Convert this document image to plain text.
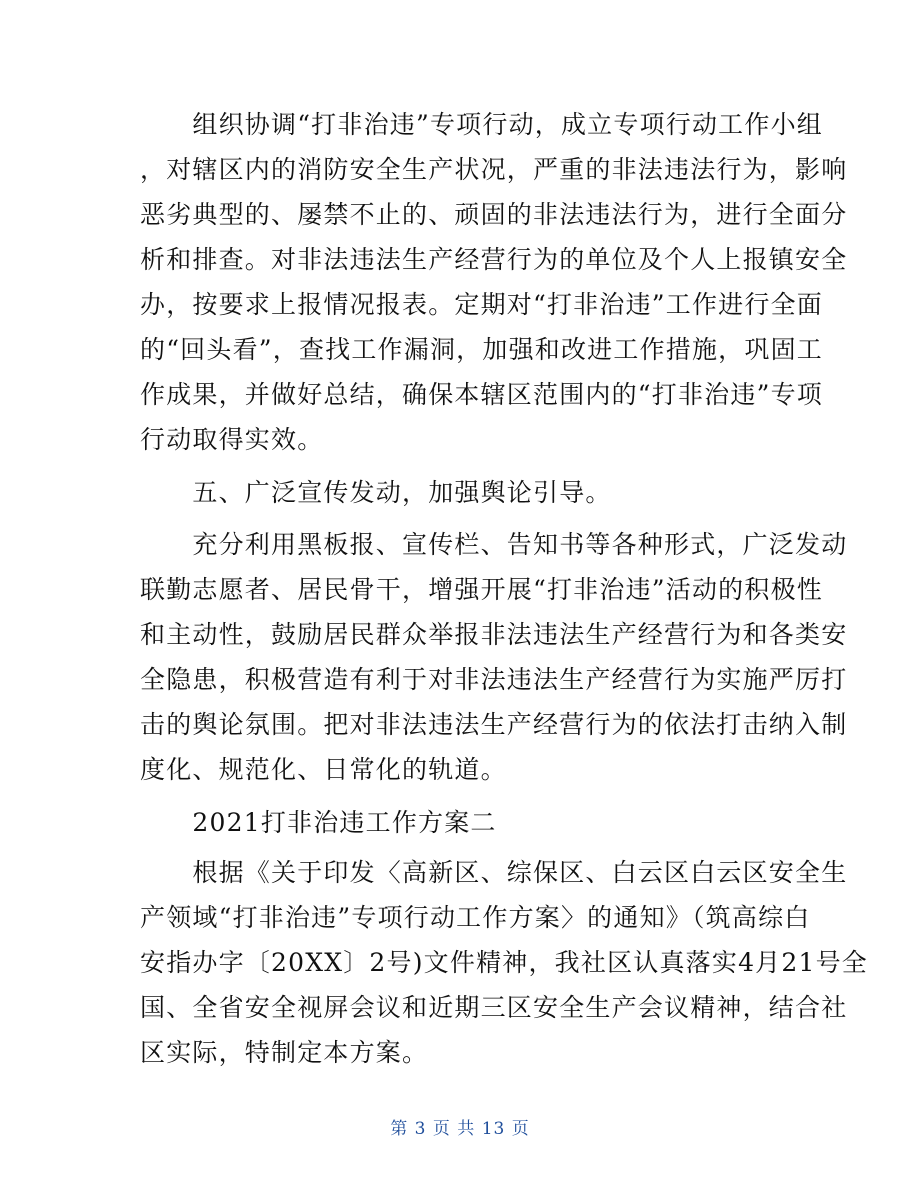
　　组织协调“打非治违”专项行动，成立专项行动工作小组
，对辖区内的消防安全生产状况，严重的非法违法行为，影响
恶劣典型的、屡禁不止的、顽固的非法违法行为，进行全面分
析和排查。对非法违法生产经营行为的单位及个人上报镇安全
办，按要求上报情况报表。定期对“打非治违”工作进行全面
的“回头看”，查找工作漏洞，加强和改进工作措施，巩固工
作成果，并做好总结，确保本辖区范围内的“打非治违”专项
行动取得实效。
　　五、广泛宣传发动，加强舆论引导。
　　充分利用黑板报、宣传栏、告知书等各种形式，广泛发动
联勤志愿者、居民骨干，增强开展“打非治违”活动的积极性
和主动性，鼓励居民群众举报非法违法生产经营行为和各类安
全隐患，积极营造有利于对非法违法生产经营行为实施严厉打
击的舆论氛围。把对非法违法生产经营行为的依法打击纳入制
度化、规范化、日常化的轨道。
　　2021打非治违工作方案二
　　根据《关于印发〈高新区、综保区、白云区白云区安全生
产领域“打非治违”专项行动工作方案〉的通知》（筑高综白
安指办字〔20XX〕2号)文件精神，我社区认真落实4月21号全
国、全省安全视屏会议和近期三区安全生产会议精神，结合社
区实际，特制定本方案。
第 3 页 共 13 页
